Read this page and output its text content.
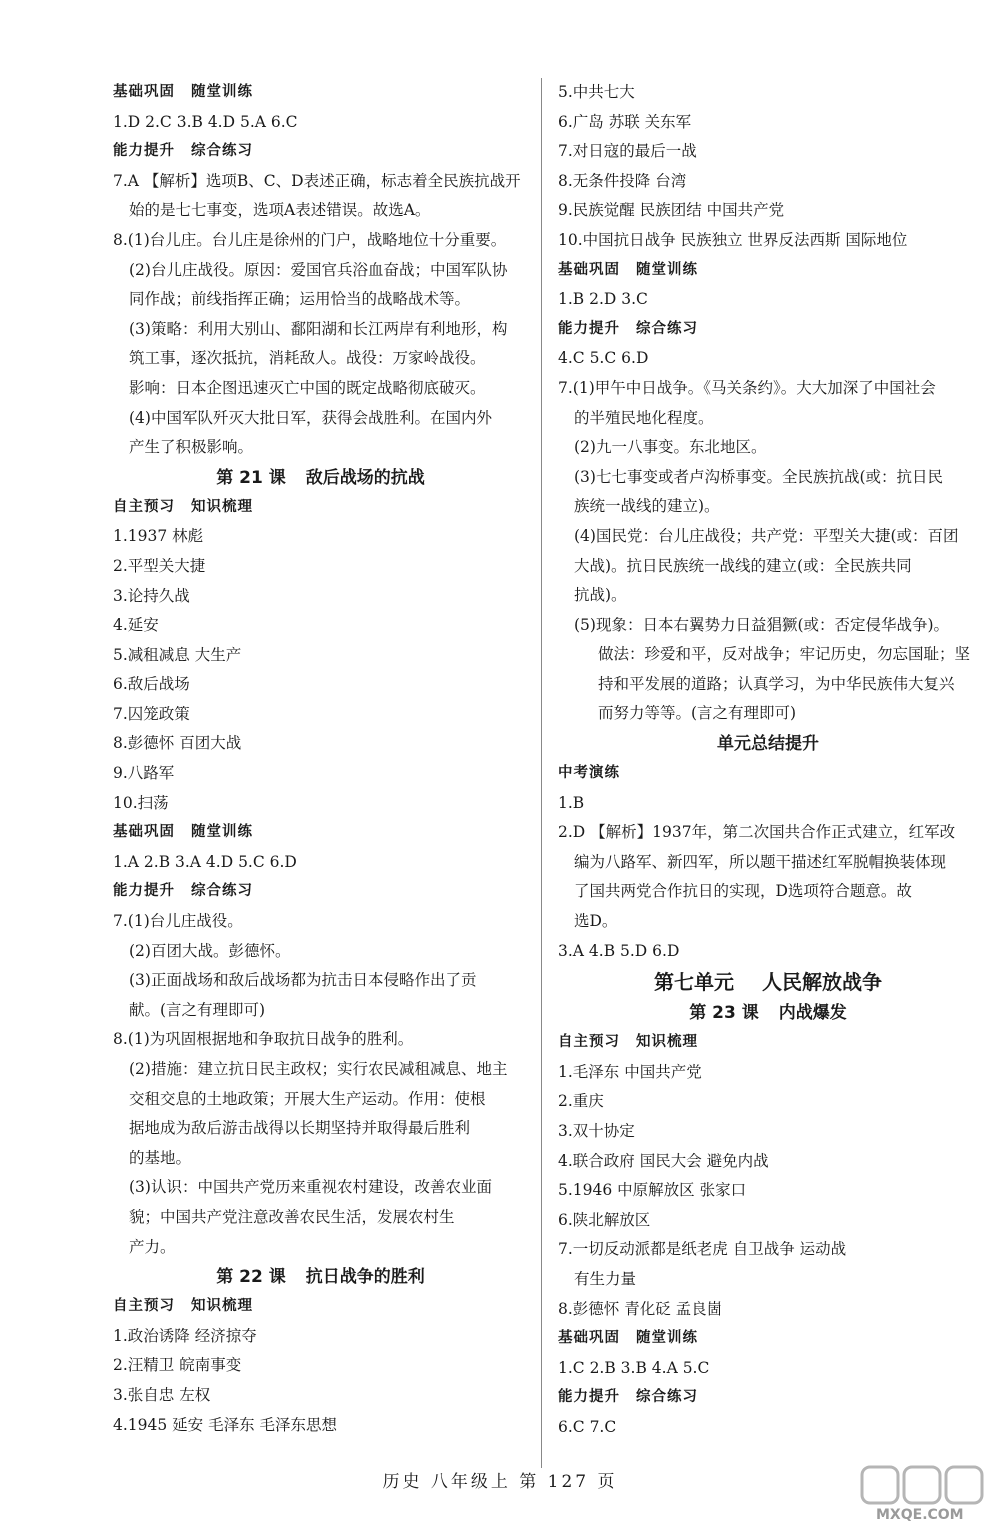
基础巩固 随堂训练
1.D 2.C 3.B 4.D 5.A 6.C
能力提升 综合练习
7.A 【解析】选项B、C、D表述正确，标志着全民族抗战开
始的是七七事变，选项A表述错误。故选A。
8.(1)台儿庄。台儿庄是徐州的门户，战略地位十分重要。
(2)台儿庄战役。原因：爱国官兵浴血奋战；中国军队协
同作战；前线指挥正确；运用恰当的战略战术等。
(3)策略：利用大别山、鄱阳湖和长江两岸有利地形，构
筑工事，逐次抵抗，消耗敌人。战役：万家岭战役。
影响：日本企图迅速灭亡中国的既定战略彻底破灭。
(4)中国军队歼灭大批日军，获得会战胜利。在国内外
产生了积极影响。
第 21 课 敌后战场的抗战
自主预习 知识梳理
1.1937 林彪
2.平型关大捷
3.论持久战
4.延安
5.减租减息 大生产
6.敌后战场
7.囚笼政策
8.彭德怀 百团大战
9.八路军
10.扫荡
基础巩固 随堂训练
1.A 2.B 3.A 4.D 5.C 6.D
能力提升 综合练习
7.(1)台儿庄战役。
(2)百团大战。彭德怀。
(3)正面战场和敌后战场都为抗击日本侵略作出了贡
献。(言之有理即可)
8.(1)为巩固根据地和争取抗日战争的胜利。
(2)措施：建立抗日民主政权；实行农民减租减息、地主
交租交息的土地政策；开展大生产运动。作用：使根
据地成为敌后游击战得以长期坚持并取得最后胜利
的基地。
(3)认识：中国共产党历来重视农村建设，改善农业面
貌；中国共产党注意改善农民生活，发展农村生
产力。
第 22 课 抗日战争的胜利
自主预习 知识梳理
1.政治诱降 经济掠夺
2.汪精卫 皖南事变
3.张自忠 左权
4.1945 延安 毛泽东 毛泽东思想
5.中共七大
6.广岛 苏联 关东军
7.对日寇的最后一战
8.无条件投降 台湾
9.民族觉醒 民族团结 中国共产党
10.中国抗日战争 民族独立 世界反法西斯 国际地位
基础巩固 随堂训练
1.B 2.D 3.C
能力提升 综合练习
4.C 5.C 6.D
7.(1)甲午中日战争。《马关条约》。大大加深了中国社会
的半殖民地化程度。
(2)九一八事变。东北地区。
(3)七七事变或者卢沟桥事变。全民族抗战(或：抗日民
族统一战线的建立)。
(4)国民党：台儿庄战役；共产党：平型关大捷(或：百团
大战)。抗日民族统一战线的建立(或：全民族共同
抗战)。
(5)现象：日本右翼势力日益猖獗(或：否定侵华战争)。
做法：珍爱和平，反对战争；牢记历史，勿忘国耻；坚
持和平发展的道路；认真学习，为中华民族伟大复兴
而努力等等。(言之有理即可)
单元总结提升
中考演练
1.B
2.D 【解析】1937年，第二次国共合作正式建立，红军改
编为八路军、新四军，所以题干描述红军脱帽换装体现
了国共两党合作抗日的实现，D选项符合题意。故
选D。
3.A 4.B 5.D 6.D
第七单元 人民解放战争
第 23 课 内战爆发
自主预习 知识梳理
1.毛泽东 中国共产党
2.重庆
3.双十协定
4.联合政府 国民大会 避免内战
5.1946 中原解放区 张家口
6.陕北解放区
7.一切反动派都是纸老虎 自卫战争 运动战
有生力量
8.彭德怀 青化砭 孟良崮
基础巩固 随堂训练
1.C 2.B 3.B 4.A 5.C
能力提升 综合练习
6.C 7.C
历史 八年级上 第 127 页
MXQE.COM
